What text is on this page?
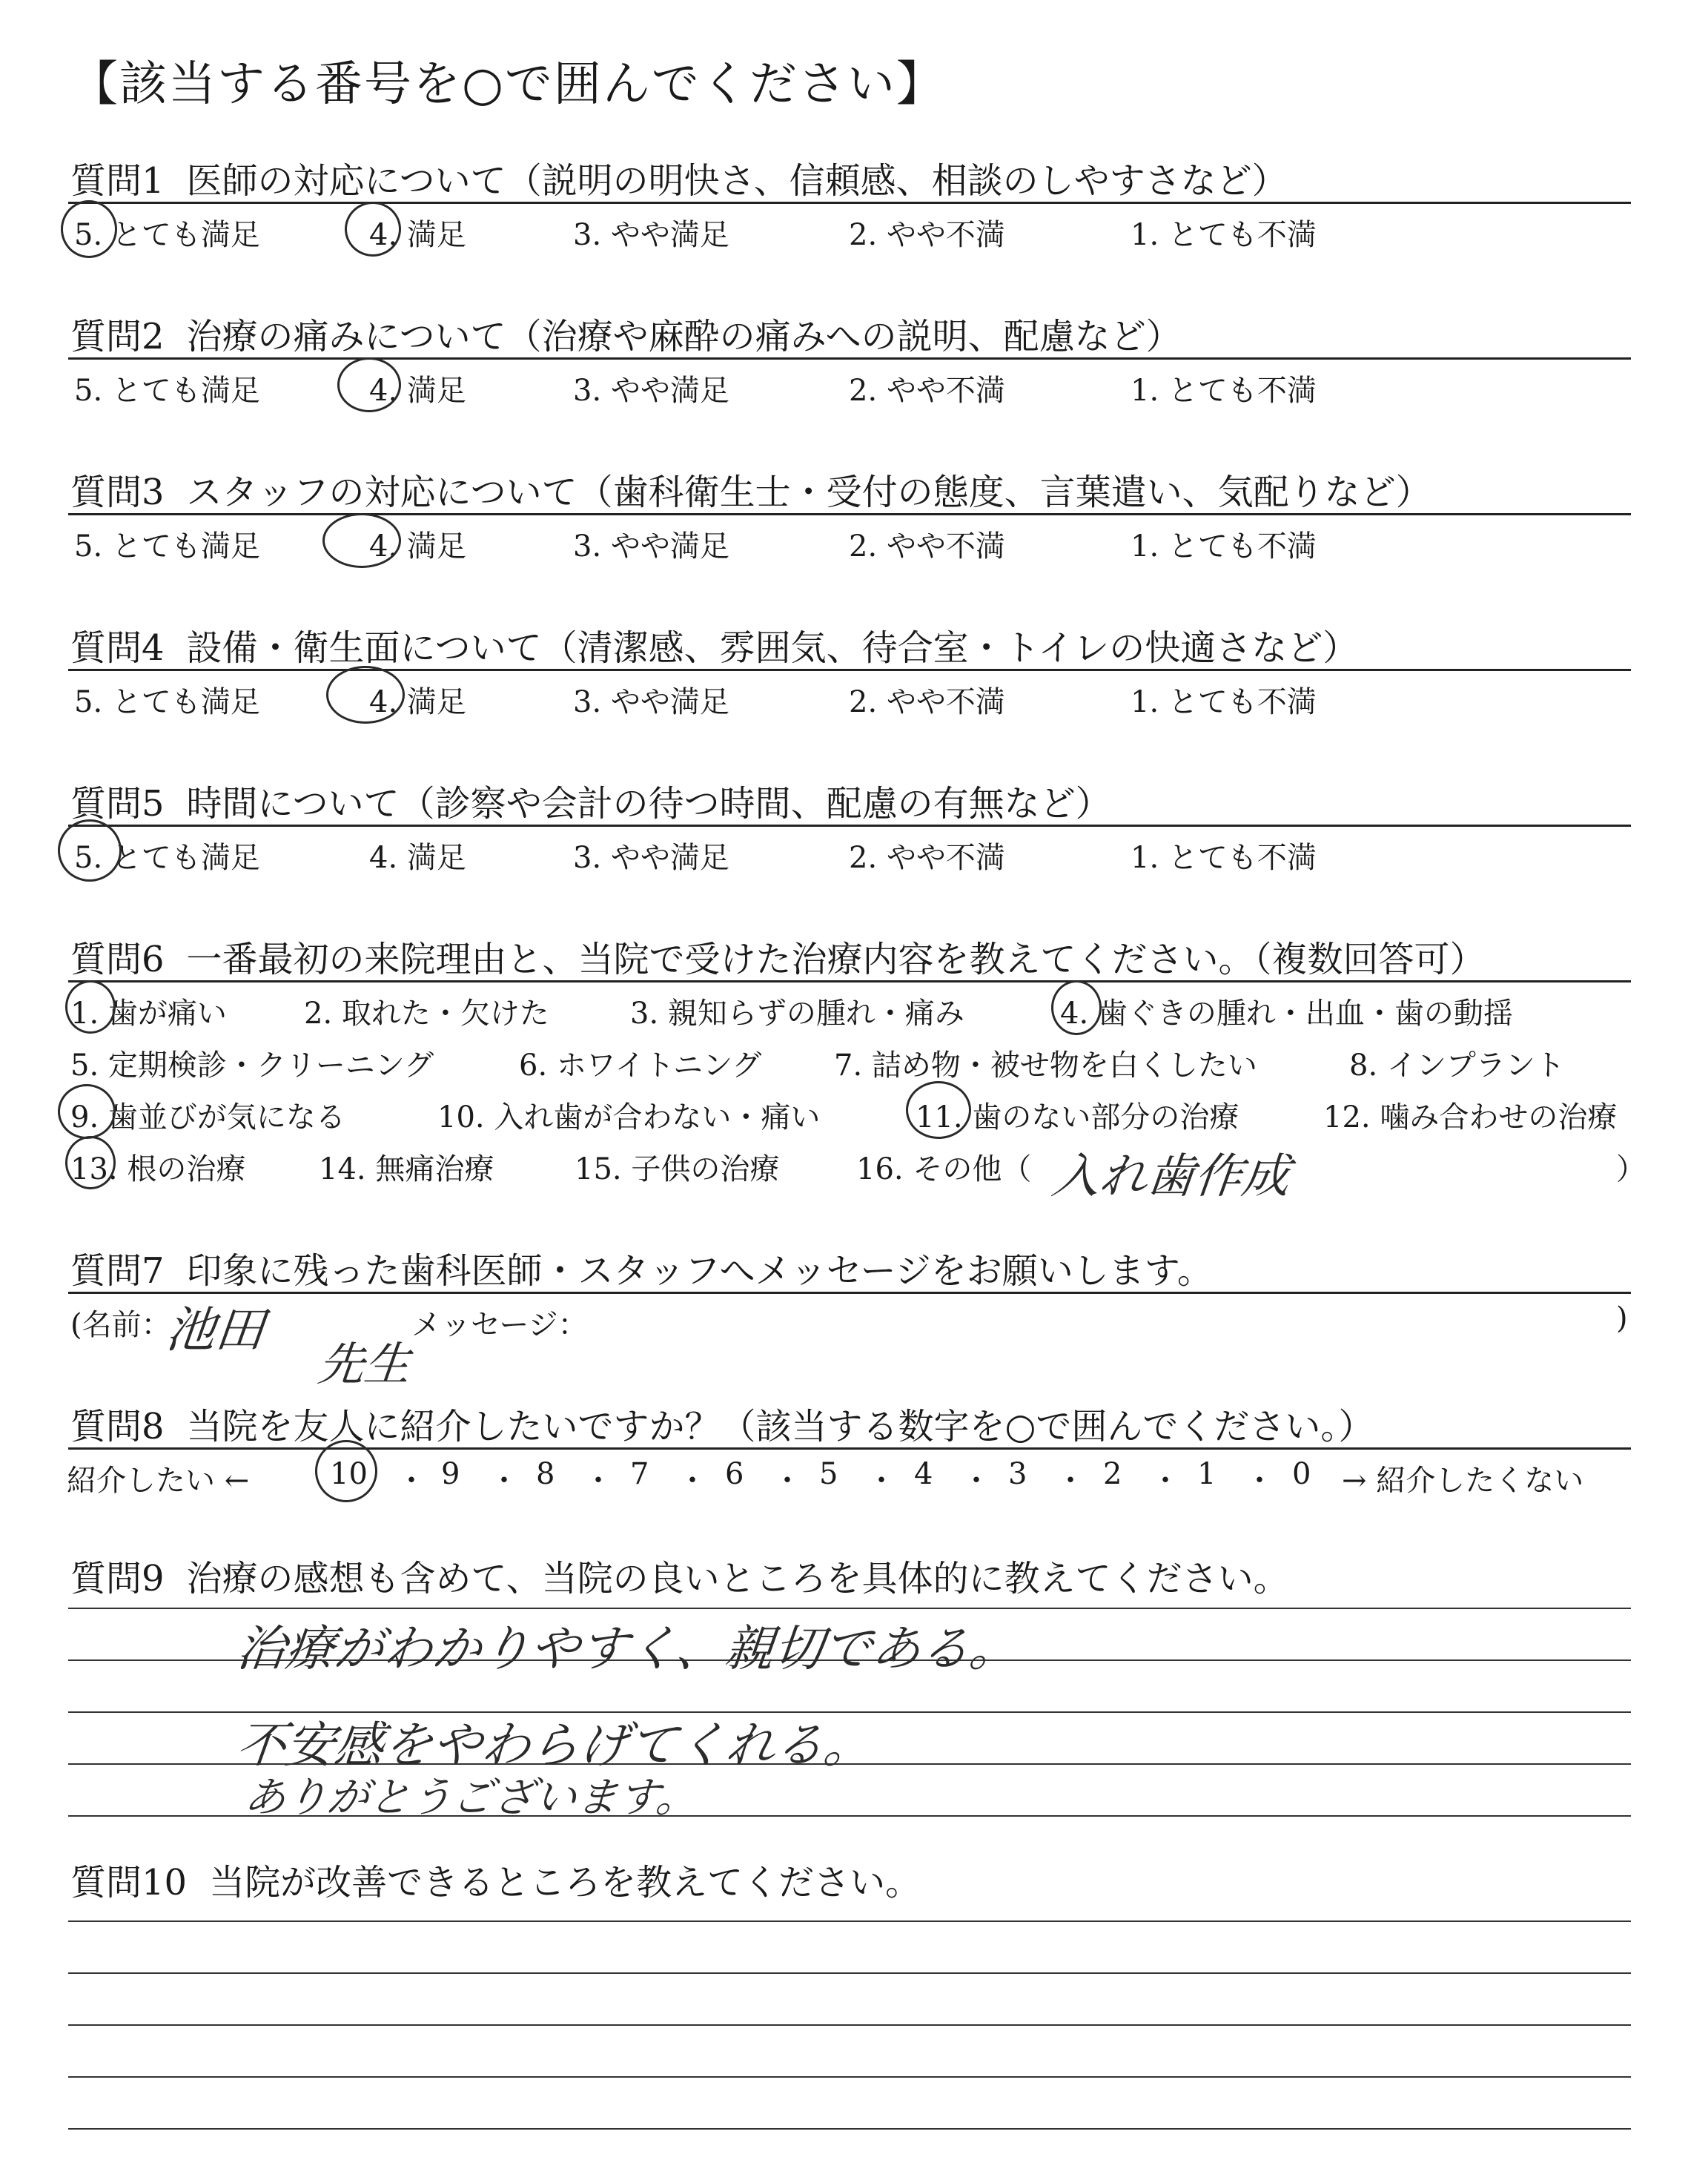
【該当する番号を○で囲んでください】
質問1 医師の対応について（説明の明快さ、信頼感、相談のしやすさなど）
5. とても満足	4. 満足	3. やや満足	2. やや不満	1. とても不満
質問2 治療の痛みについて（治療や麻酔の痛みへの説明、配慮など）
5. とても満足	4. 満足	3. やや満足	2. やや不満	1. とても不満
質問3 スタッフの対応について（歯科衛生士・受付の態度、言葉遣い、気配りなど）
5. とても満足	4. 満足	3. やや満足	2. やや不満	1. とても不満
質問4 設備・衛生面について（清潔感、雰囲気、待合室・トイレの快適さなど）
5. とても満足	4. 満足	3. やや満足	2. やや不満	1. とても不満
質問5 時間について（診察や会計の待つ時間、配慮の有無など）
5. とても満足	4. 満足	3. やや満足	2. やや不満	1. とても不満
質問6 一番最初の来院理由と、当院で受けた治療内容を教えてください。（複数回答可）
1. 歯が痛い	2. 取れた・欠けた	3. 親知らずの腫れ・痛み	4. 歯ぐきの腫れ・出血・歯の動揺
5. 定期検診・クリーニング	6. ホワイトニング 7. 詰め物・被せ物を白くしたい	8. インプラント
9. 歯並びが気になる	10. 入れ歯が合わない・痛い	11. 歯のない部分の治療	12. 噛み合わせの治療
13. 根の治療 14. 無痛治療	15. 子供の治療	16. その他（	）
入れ歯作成
質問7 印象に残った歯科医師・スタッフへメッセージをお願いします。
(名前：	メッセージ：	)
池田
先生
質問8 当院を友人に紹介したいですか？（該当する数字を○で囲んでください。）
紹介したい ←	10 9	8	7	6	5	4	3	2	1	0 → 紹介したくない
・ ・ ・ ・ ・ ・ ・ ・ ・ ・
質問9 治療の感想も含めて、当院の良いところを具体的に教えてください。
治療がわかりやすく、親切である。
不安感をやわらげてくれる。
ありがとうございます。
質問10 当院が改善できるところを教えてください。
